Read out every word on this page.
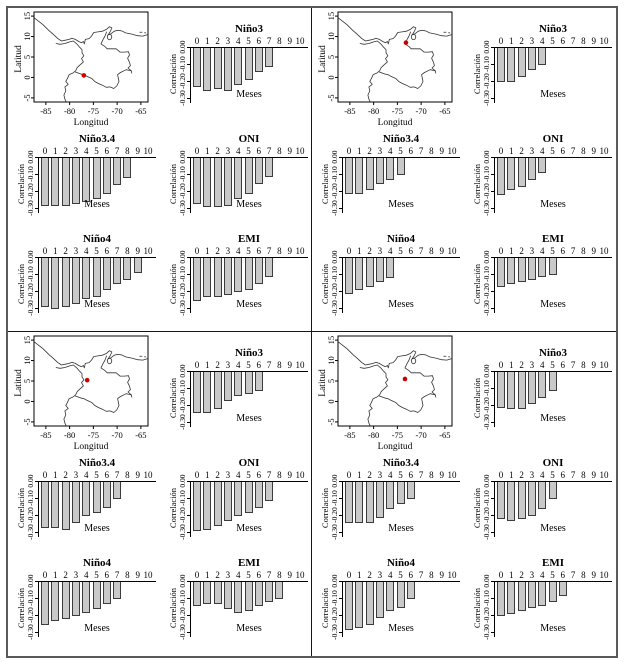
Latitud
15
10
5
0
-5
-85 -80 -75 -70 -65
Longitud
Niño3
0 1 2 3 4 5 6 7 8 9 10
0.00
-0.10
-0.20
-0.30
Correlación
Meses
Niño3.4
0 1 2 3 4 5 6 7 8 9 10
0.00
-0.10
-0.20
-0.30
Correlación
Meses
ONI
0 1 2 3 4 5 6 7 8 9 10
0.00
-0.10
-0.20
-0.30
Correlación
Meses
Niño4
0 1 2 3 4 5 6 7 8 9 10
0.00
-0.10
-0.20
-0.30
Correlación
Meses
EMI
0 1 2 3 4 5 6 7 8 9 10
0.00
-0.10
-0.20
-0.30
Correlación
Meses
Latitud
15
10
5
0
-5
-85 -80 -75 -70 -65
Longitud
Niño3
0 1 2 3 4 5 6 7 8 9 10
0.00
-0.10
-0.20
-0.30
Correlación
Meses
Niño3.4
0 1 2 3 4 5 6 7 8 9 10
0.00
-0.10
-0.20
-0.30
Correlación
Meses
ONI
0 1 2 3 4 5 6 7 8 9 10
0.00
-0.10
-0.20
-0.30
Correlación
Meses
Niño4
0 1 2 3 4 5 6 7 8 9 10
0.00
-0.10
-0.20
-0.30
Correlación
Meses
EMI
0 1 2 3 4 5 6 7 8 9 10
0.00
-0.10
-0.20
-0.30
Correlación
Meses
Latitud
15
10
5
0
-5
-85 -80 -75 -70 -65
Longitud
Niño3
0 1 2 3 4 5 6 7 8 9 10
0.00
-0.10
-0.20
-0.30
Correlación
Meses
Niño3.4
0 1 2 3 4 5 6 7 8 9 10
0.00
-0.10
-0.20
-0.30
Correlación
Meses
ONI
0 1 2 3 4 5 6 7 8 9 10
0.00
-0.10
-0.20
-0.30
Correlación
Meses
Niño4
0 1 2 3 4 5 6 7 8 9 10
0.00
-0.10
-0.20
-0.30
Correlación
Meses
EMI
0 1 2 3 4 5 6 7 8 9 10
0.00
-0.10
-0.20
-0.30
Correlación
Meses
Latitud
15
10
5
0
-5
-85 -80 -75 -70 -65
Longitud
Niño3
0 1 2 3 4 5 6 7 8 9 10
0.00
-0.10
-0.20
-0.30
Correlación
Meses
Niño3.4
0 1 2 3 4 5 6 7 8 9 10
0.00
-0.10
-0.20
-0.30
Correlación
Meses
ONI
0 1 2 3 4 5 6 7 8 9 10
0.00
-0.10
-0.20
-0.30
Correlación
Meses
Niño4
0 1 2 3 4 5 6 7 8 9 10
0.00
-0.10
-0.20
-0.30
Correlación
Meses
EMI
0 1 2 3 4 5 6 7 8 9 10
0.00
-0.10
-0.20
-0.30
Correlación
Meses
